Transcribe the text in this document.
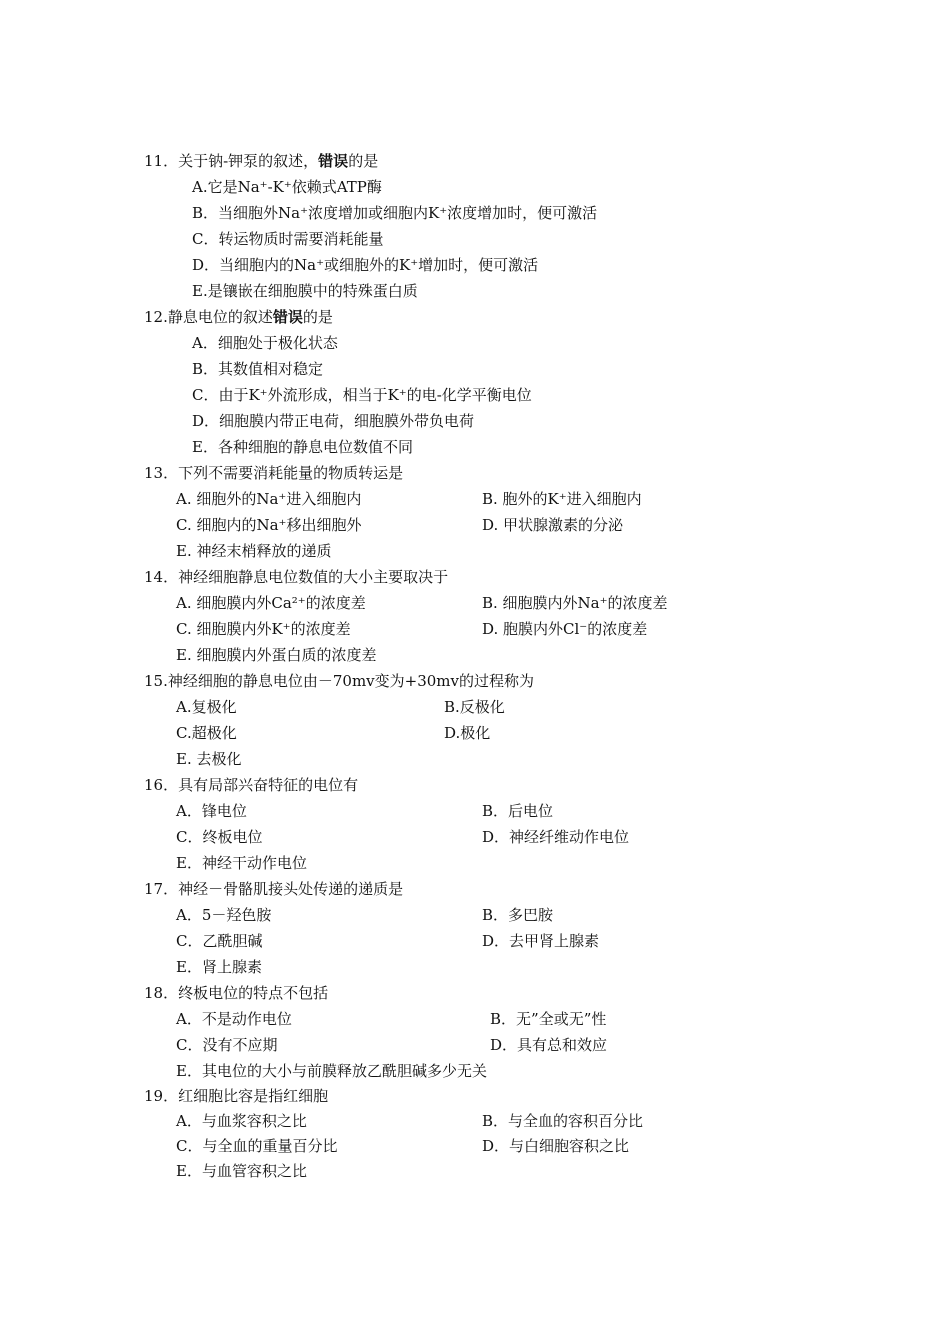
11．关于钠-钾泵的叙述，错误的是
A.它是Na⁺-K⁺依赖式ATP酶
B．当细胞外Na⁺浓度增加或细胞内K⁺浓度增加时，便可激活
C．转运物质时需要消耗能量
D．当细胞内的Na⁺或细胞外的K⁺增加时，便可激活
E.是镶嵌在细胞膜中的特殊蛋白质
12.静息电位的叙述错误的是
A．细胞处于极化状态
B．其数值相对稳定
C．由于K⁺外流形成，相当于K⁺的电-化学平衡电位
D．细胞膜内带正电荷，细胞膜外带负电荷
E．各种细胞的静息电位数值不同
13．下列不需要消耗能量的物质转运是
A. 细胞外的Na⁺进入细胞内	B. 胞外的K⁺进入细胞内
C. 细胞内的Na⁺移出细胞外	D. 甲状腺激素的分泌
E. 神经末梢释放的递质
14．神经细胞静息电位数值的大小主要取决于
A. 细胞膜内外Ca²⁺的浓度差	B. 细胞膜内外Na⁺的浓度差
C. 细胞膜内外K⁺的浓度差	D. 胞膜内外Cl⁻的浓度差
E. 细胞膜内外蛋白质的浓度差
15.神经细胞的静息电位由－70mv变为+30mv的过程称为
A.复极化	B.反极化
C.超极化	D.极化
E. 去极化
16．具有局部兴奋特征的电位有
A．锋电位	B．后电位
C．终板电位	D．神经纤维动作电位
E．神经干动作电位
17．神经－骨骼肌接头处传递的递质是
A．5－羟色胺	B．多巴胺
C．乙酰胆碱	D．去甲肾上腺素
E．肾上腺素
18．终板电位的特点不包括
A．不是动作电位	B．无”全或无”性
C．没有不应期	D．具有总和效应
E．其电位的大小与前膜释放乙酰胆碱多少无关
19．红细胞比容是指红细胞
A．与血浆容积之比	B．与全血的容积百分比
C．与全血的重量百分比	D．与白细胞容积之比
E．与血管容积之比
